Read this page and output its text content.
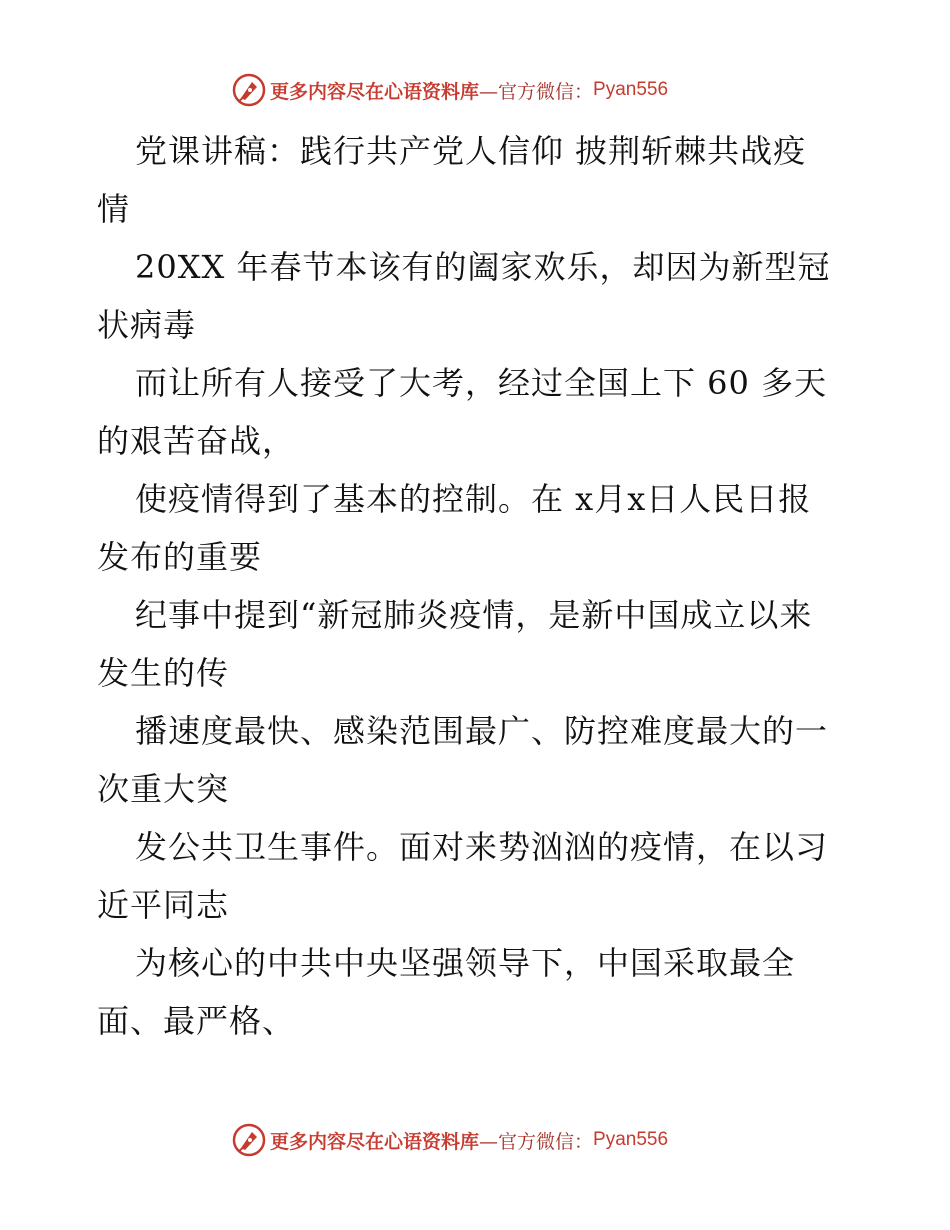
更多内容尽在心语资料库 —官方微信： Pyan556
党课讲稿：践行共产党人信仰 披荆斩棘共战疫
情
20XX 年春节本该有的阖家欢乐，却因为新型冠
状病毒
而让所有人接受了大考，经过全国上下 60 多天
的艰苦奋战，
使疫情得到了基本的控制。在 x月x日人民日报
发布的重要
纪事中提到“新冠肺炎疫情，是新中国成立以来
发生的传
播速度最快、感染范围最广、防控难度最大的一
次重大突
发公共卫生事件。面对来势汹汹的疫情，在以习
近平同志
为核心的中共中央坚强领导下，中国采取最全
面、最严格、
更多内容尽在心语资料库 —官方微信： Pyan556
